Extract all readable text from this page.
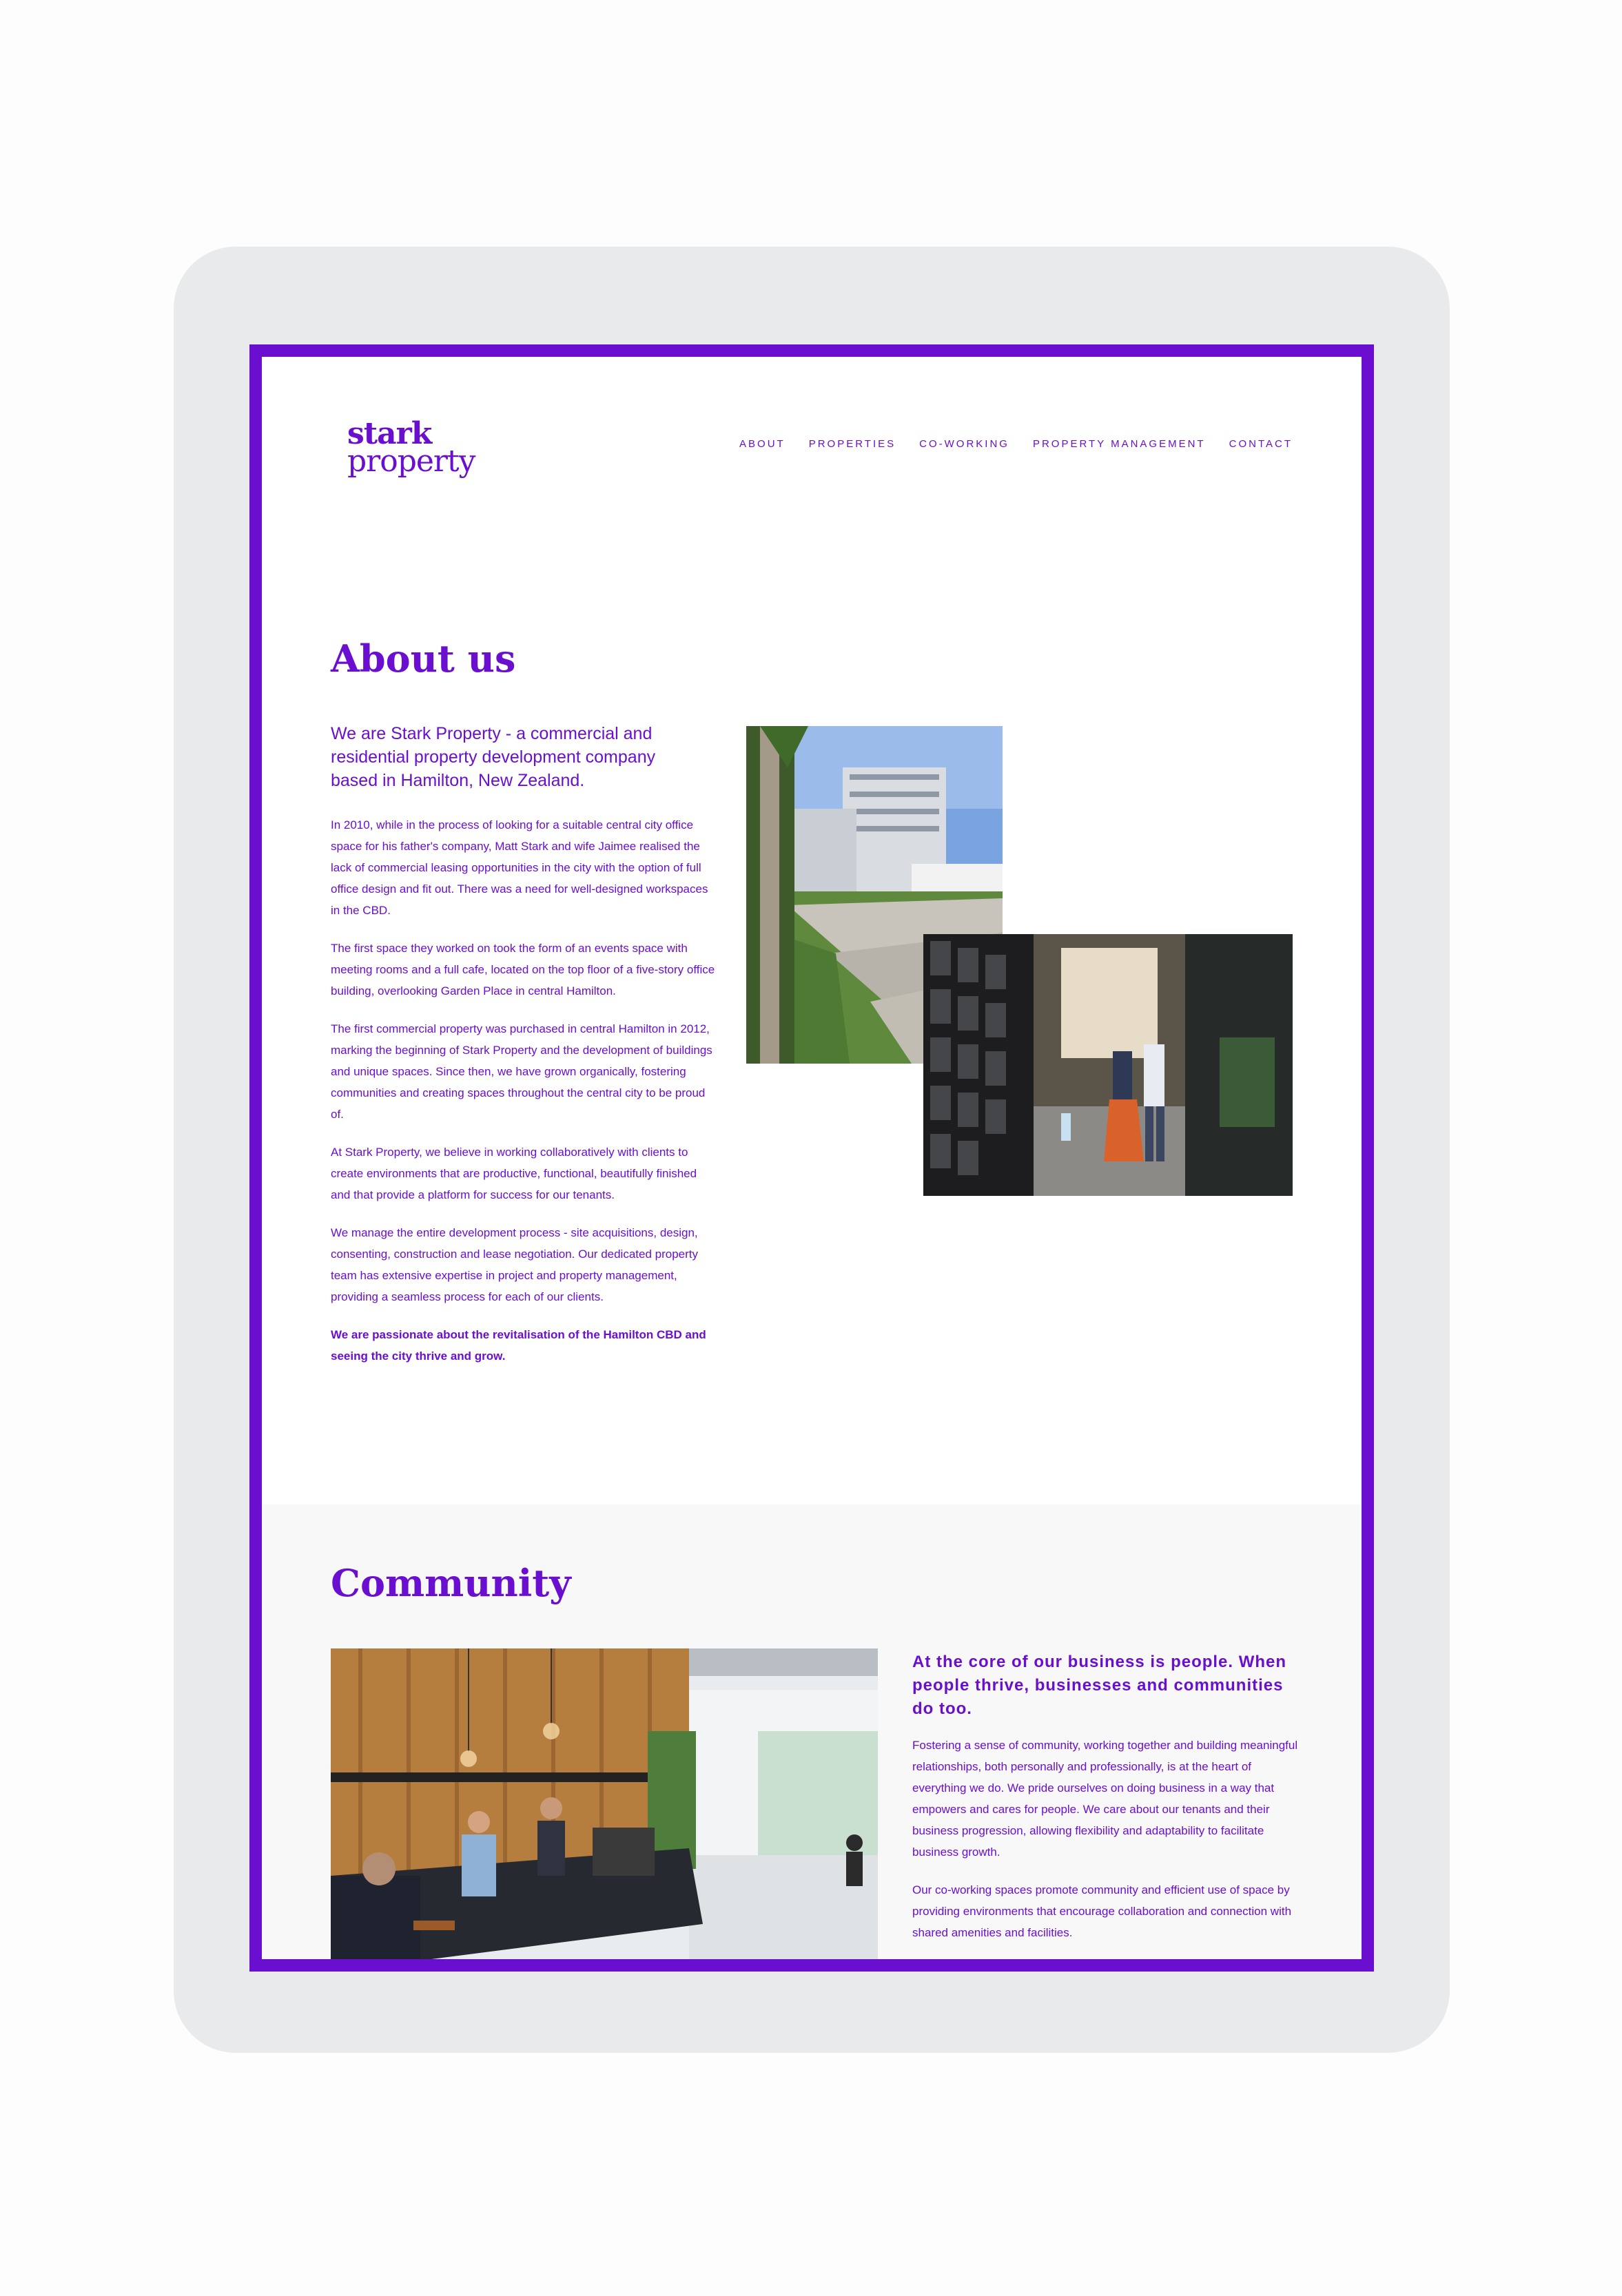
stark
property	ABOUT PROPERTIES CO-WORKING PROPERTY MANAGEMENT CONTACT
About us

We are Stark Property - a commercial and residential property development company based in Hamilton, New Zealand.

In 2010, while in the process of looking for a suitable central city office space for his father's company, Matt Stark and wife Jaimee realised the lack of commercial leasing opportunities in the city with the option of full office design and fit out. There was a need for well-designed workspaces in the CBD.

The first space they worked on took the form of an events space with meeting rooms and a full cafe, located on the top floor of a five-story office building, overlooking Garden Place in central Hamilton.

The first commercial property was purchased in central Hamilton in 2012, marking the beginning of Stark Property and the development of buildings and unique spaces. Since then, we have grown organically, fostering communities and creating spaces throughout the central city to be proud of.

At Stark Property, we believe in working collaboratively with clients to create environments that are productive, functional, beautifully finished and that provide a platform for success for our tenants.

We manage the entire development process - site acquisitions, design, consenting, construction and lease negotiation. Our dedicated property team has extensive expertise in project and property management, providing a seamless process for each of our clients.

We are passionate about the revitalisation of the Hamilton CBD and seeing the city thrive and grow.

Community

At the core of our business is people. When people thrive, businesses and communities do too.

Fostering a sense of community, working together and building meaningful relationships, both personally and professionally, is at the heart of everything we do. We pride ourselves on doing business in a way that empowers and cares for people. We care about our tenants and their business progression, allowing flexibility and adaptability to facilitate business growth.

Our co-working spaces promote community and efficient use of space by providing environments that encourage collaboration and connection with shared amenities and facilities.

We are proud supporters of various local community
